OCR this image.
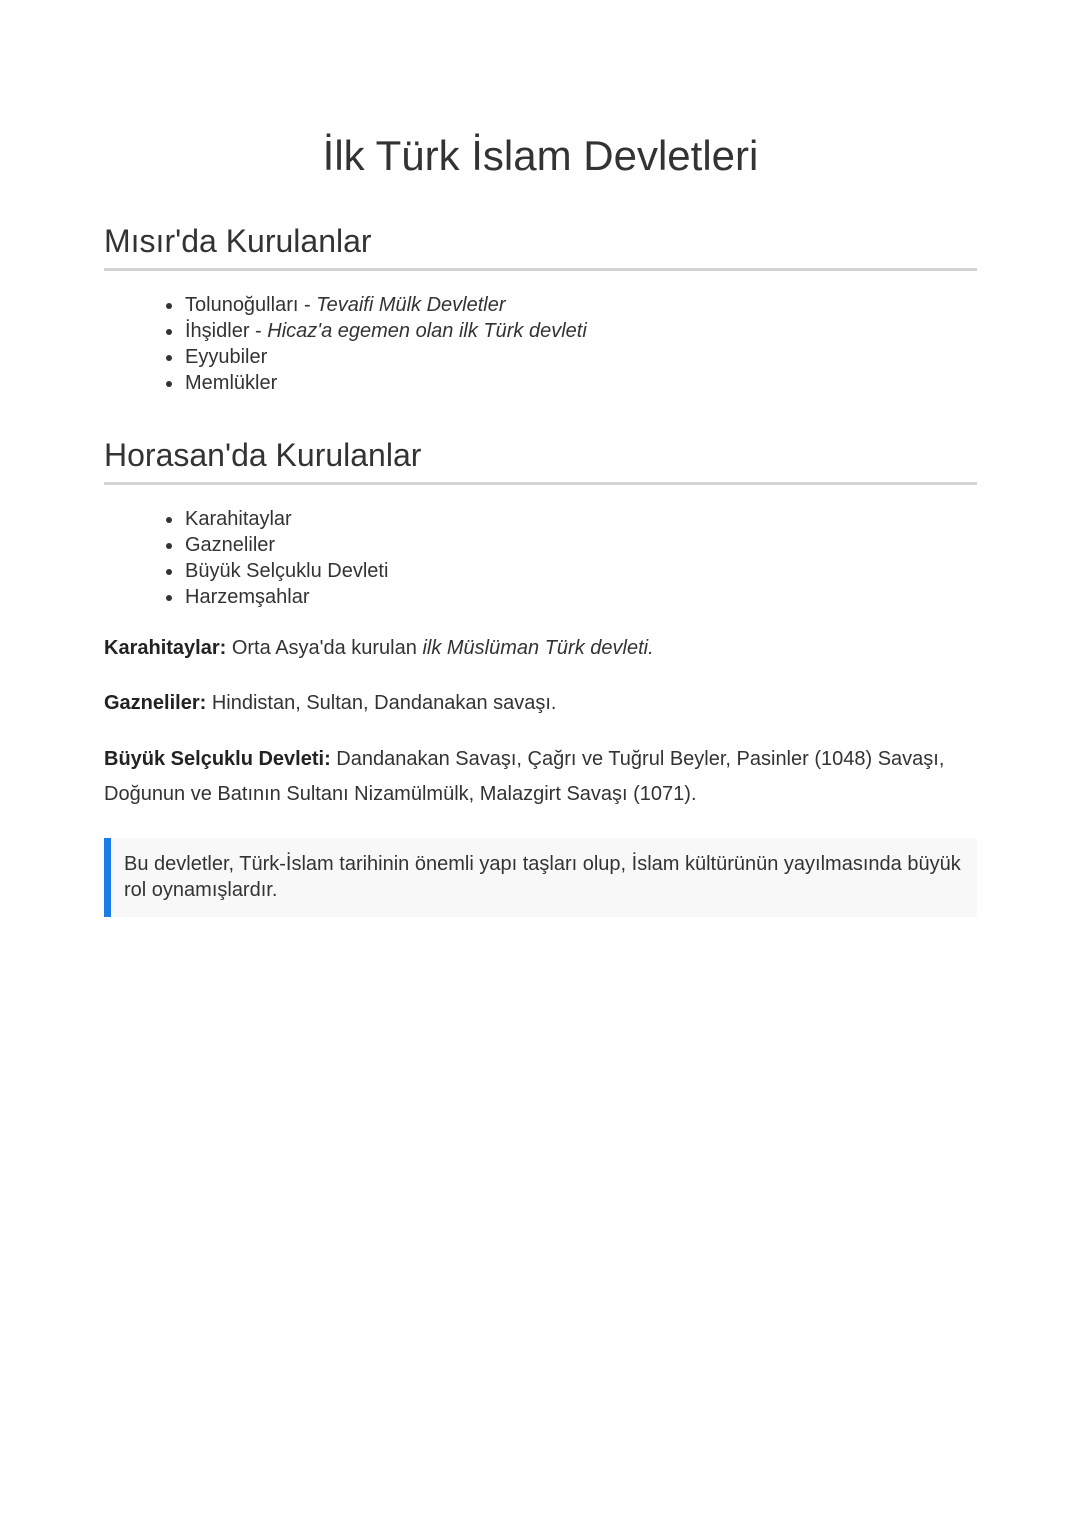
İlk Türk İslam Devletleri
Mısır'da Kurulanlar
Tolunoğulları - Tevaifi Mülk Devletler
İhşidler - Hicaz'a egemen olan ilk Türk devleti
Eyyubiler
Memlükler
Horasan'da Kurulanlar
Karahitaylar
Gazneliler
Büyük Selçuklu Devleti
Harzemşahlar

Karahitaylar: Orta Asya'da kurulan ilk Müslüman Türk devleti.

Gazneliler: Hindistan, Sultan, Dandanakan savaşı.

Büyük Selçuklu Devleti: Dandanakan Savaşı, Çağrı ve Tuğrul Beyler, Pasinler (1048) Savaşı, Doğunun ve Batının Sultanı Nizamülmülk, Malazgirt Savaşı (1071).

Bu devletler, Türk-İslam tarihinin önemli yapı taşları olup, İslam kültürünün yayılmasında büyük rol oynamışlardır.
